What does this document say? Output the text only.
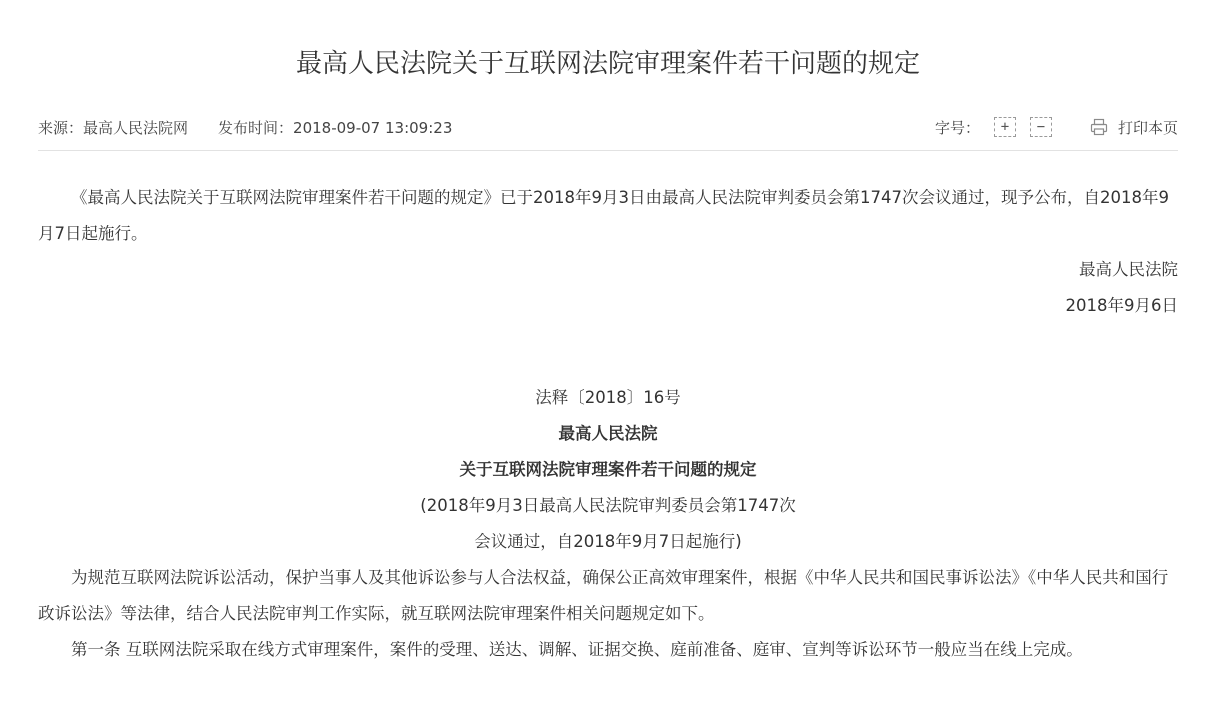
最高人民法院关于互联网法院审理案件若干问题的规定
来源： 最高人民法院网 发布时间：2018-09-07 13:09:23	字号：	+	−	打印本页

《最高人民法院关于互联网法院审理案件若干问题的规定》已于2018年9月3日由最高人民法院审判委员会第1747次会议通过，现予公布，自2018年9月7日起施行。

最高人民法院

2018年9月6日

法释〔2018〕16号

最高人民法院

关于互联网法院审理案件若干问题的规定

(2018年9月3日最高人民法院审判委员会第1747次

会议通过，自2018年9月7日起施行)

为规范互联网法院诉讼活动，保护当事人及其他诉讼参与人合法权益，确保公正高效审理案件，根据《中华人民共和国民事诉讼法》《中华人民共和国行政诉讼法》等法律，结合人民法院审判工作实际，就互联网法院审理案件相关问题规定如下。

第一条 互联网法院采取在线方式审理案件，案件的受理、送达、调解、证据交换、庭前准备、庭审、宣判等诉讼环节一般应当在线上完成。
